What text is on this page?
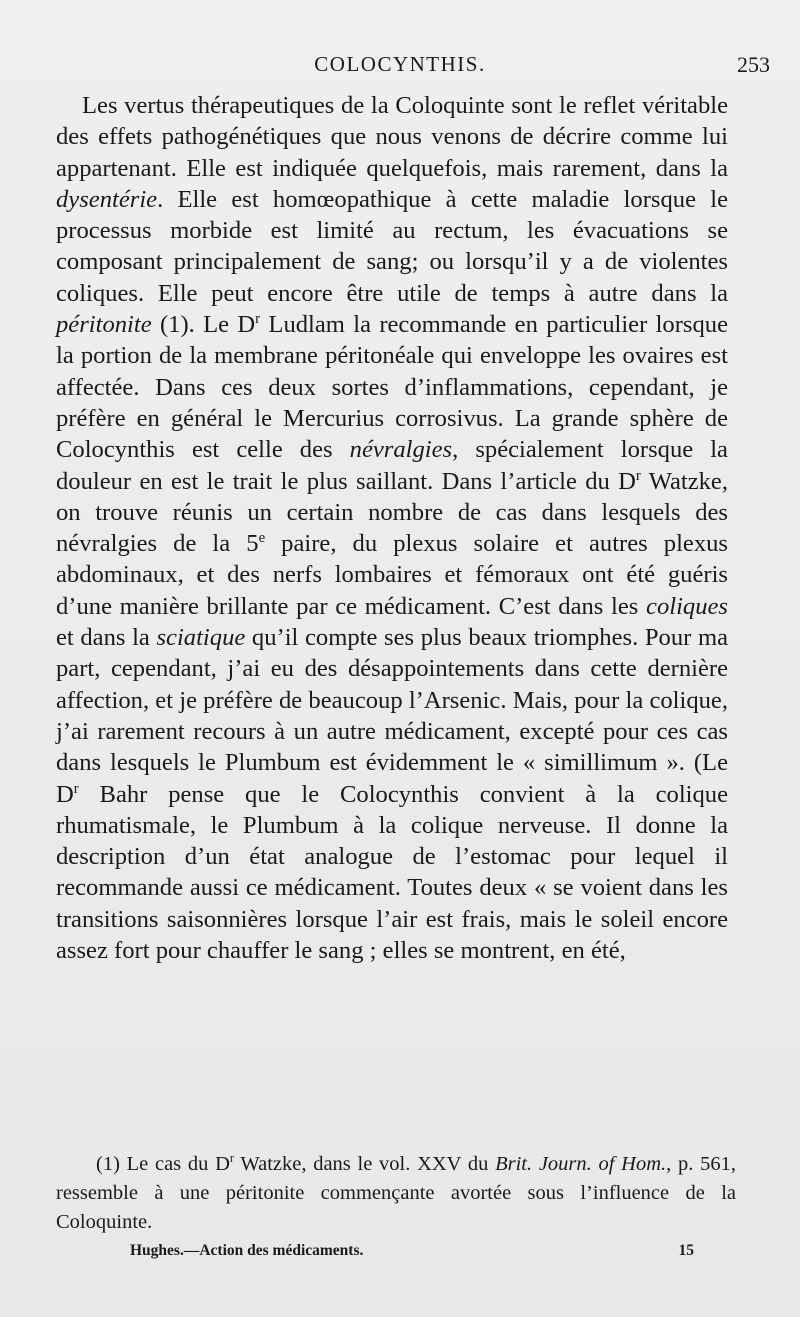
COLOCYNTHIS.	253

Les vertus thérapeutiques de la Coloquinte sont le reflet véritable des effets pathogénétiques que nous venons de décrire comme lui appartenant. Elle est indiquée quelquefois, mais rarement, dans la dysentérie. Elle est homœopathique à cette maladie lorsque le processus morbide est limité au rectum, les évacuations se composant principalement de sang; ou lorsqu’il y a de violentes coliques. Elle peut encore être utile de temps à autre dans la péritonite (1). Le $D^r$ Ludlam la recommande en particulier lorsque la portion de la membrane péritonéale qui enveloppe les ovaires est affectée. Dans ces deux sortes d’inflammations, cependant, je préfère en général le Mercurius corrosivus. La grande sphère de Colocynthis est celle des névralgies, spécialement lorsque la douleur en est le trait le plus saillant. Dans l’article du $D^r$ Watzke, on trouve réunis un certain nombre de cas dans lesquels des névralgies de la 5e paire, du plexus solaire et autres plexus abdominaux, et des nerfs lombaires et fémoraux ont été guéris d’une manière brillante par ce médicament. C’est dans les coliques et dans la sciatique qu’il compte ses plus beaux triomphes. Pour ma part, cependant, j’ai eu des désappointements dans cette dernière affection, et je préfère de beaucoup l’Arsenic. Mais, pour la colique, j’ai rarement recours à un autre médicament, excepté pour ces cas dans lesquels le Plumbum est évidemment le « simillimum ». (Le $D^r$ Bahr pense que le Colocynthis convient à la colique rhumatismale, le Plumbum à la colique nerveuse. Il donne la description d’un état analogue de l’estomac pour lequel il recommande aussi ce médicament. Toutes deux « se voient dans les transitions saisonnières lorsque l’air est frais, mais le soleil encore assez fort pour chauffer le sang ; elles se montrent, en été,

(1) Le cas du $D^r$ Watzke, dans le vol. XXV du Brit. Journ. of Hom., p. 561, ressemble à une péritonite commençante avortée sous l’influence de la Coloquinte.

Hughes.—Action des médicaments.	15
